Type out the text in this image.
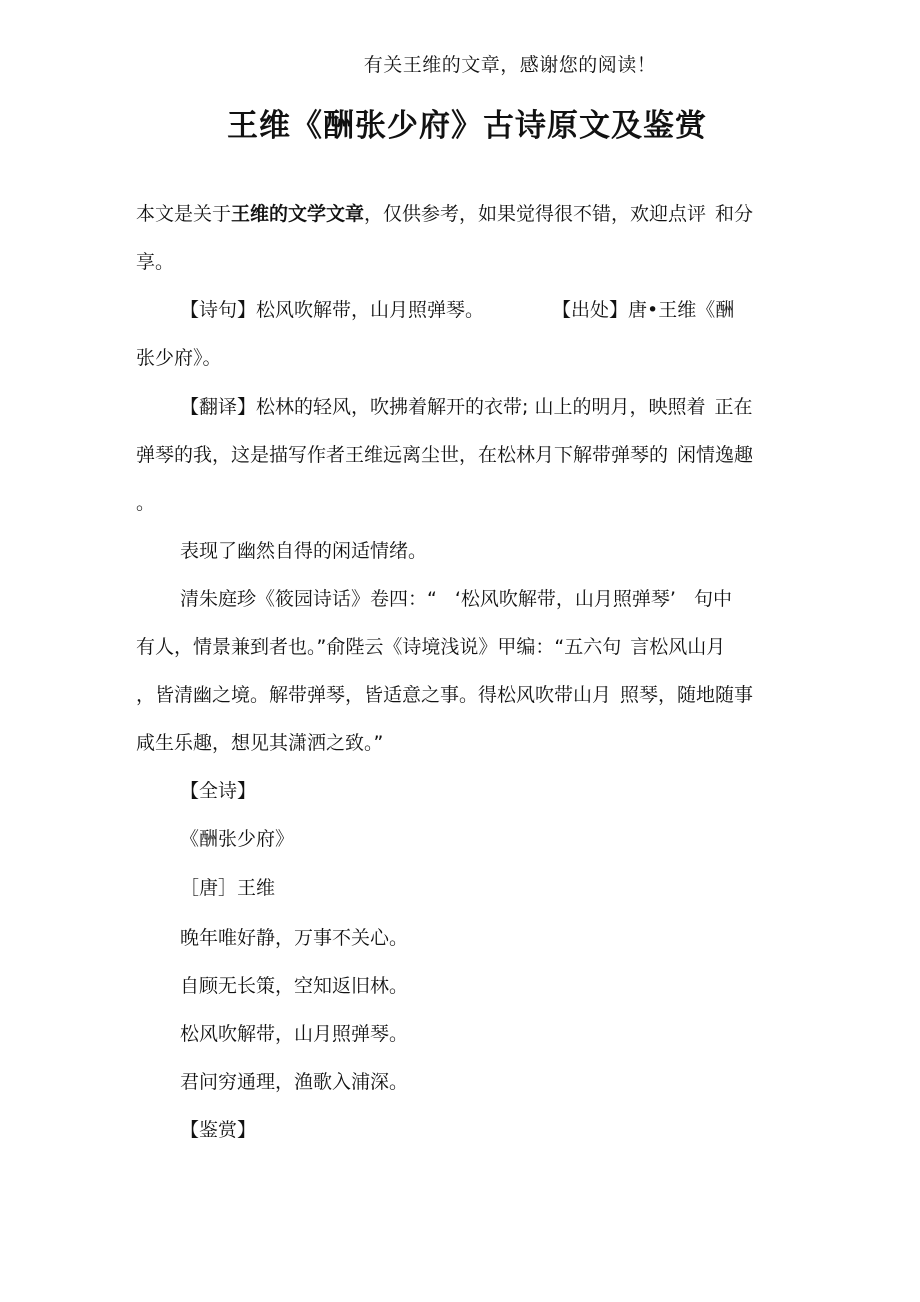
有关王维的文章，感谢您的阅读！
王维《酬张少府》古诗原文及鉴赏
本文是关于王维的文学文章，仅供参考，如果觉得很不错，欢迎点评 和分
享。
【诗句】松风吹解带，山月照弹琴。	【出处】唐•王维《酬
张少府》。
【翻译】松林的轻风，吹拂着解开的衣带; 山上的明月，映照着 正在
弹琴的我，这是描写作者王维远离尘世，在松林月下解带弹琴的 闲情逸趣
。
表现了幽然自得的闲适情绪。
清朱庭珍《筱园诗话》卷四：“ ‘松风吹解带，山月照弹琴’ 句中
有人，情景兼到者也。”俞陛云《诗境浅说》甲编：“五六句 言松风山月
，皆清幽之境。解带弹琴，皆适意之事。得松风吹带山月 照琴，随地随事
咸生乐趣，想见其潇洒之致。”
【全诗】
《酬张少府》
［唐］王维
晚年唯好静，万事不关心。
自顾无长策，空知返旧林。
松风吹解带，山月照弹琴。
君问穷通理，渔歌入浦深。
【鉴赏】
